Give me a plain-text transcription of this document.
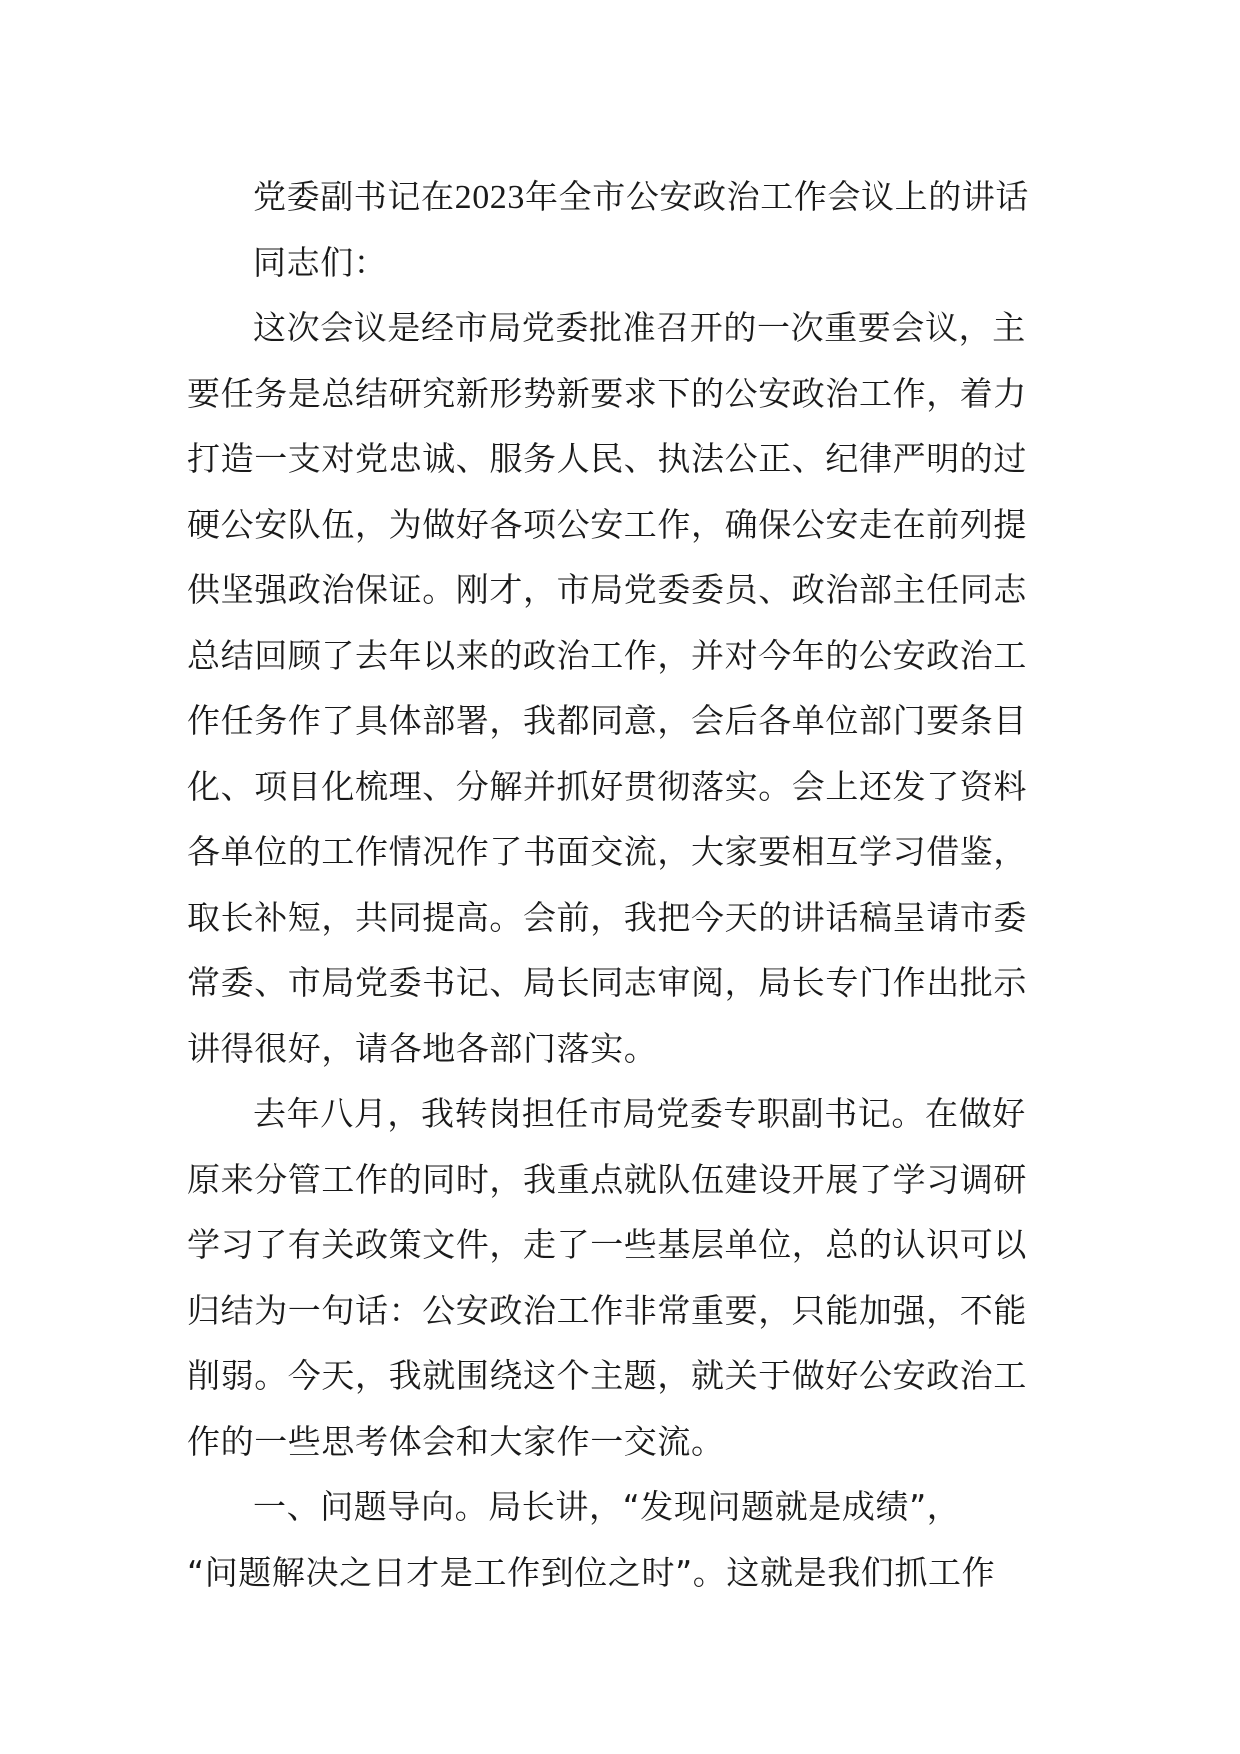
党委副书记在2023年全市公安政治工作会议上的讲话
同志们：
这次会议是经市局党委批准召开的一次重要会议，主
要任务是总结研究新形势新要求下的公安政治工作，着力
打造一支对党忠诚、服务人民、执法公正、纪律严明的过
硬公安队伍，为做好各项公安工作，确保公安走在前列提
供坚强政治保证。刚才，市局党委委员、政治部主任同志
总结回顾了去年以来的政治工作，并对今年的公安政治工
作任务作了具体部署，我都同意，会后各单位部门要条目
化、项目化梳理、分解并抓好贯彻落实。会上还发了资料
各单位的工作情况作了书面交流，大家要相互学习借鉴，
取长补短，共同提高。会前，我把今天的讲话稿呈请市委
常委、市局党委书记、局长同志审阅，局长专门作出批示
讲得很好，请各地各部门落实。
去年八月，我转岗担任市局党委专职副书记。在做好
原来分管工作的同时，我重点就队伍建设开展了学习调研
学习了有关政策文件，走了一些基层单位，总的认识可以
归结为一句话：公安政治工作非常重要，只能加强，不能
削弱。今天，我就围绕这个主题，就关于做好公安政治工
作的一些思考体会和大家作一交流。
一、问题导向。局长讲，“发现问题就是成绩”，
“问题解决之日才是工作到位之时”。这就是我们抓工作
